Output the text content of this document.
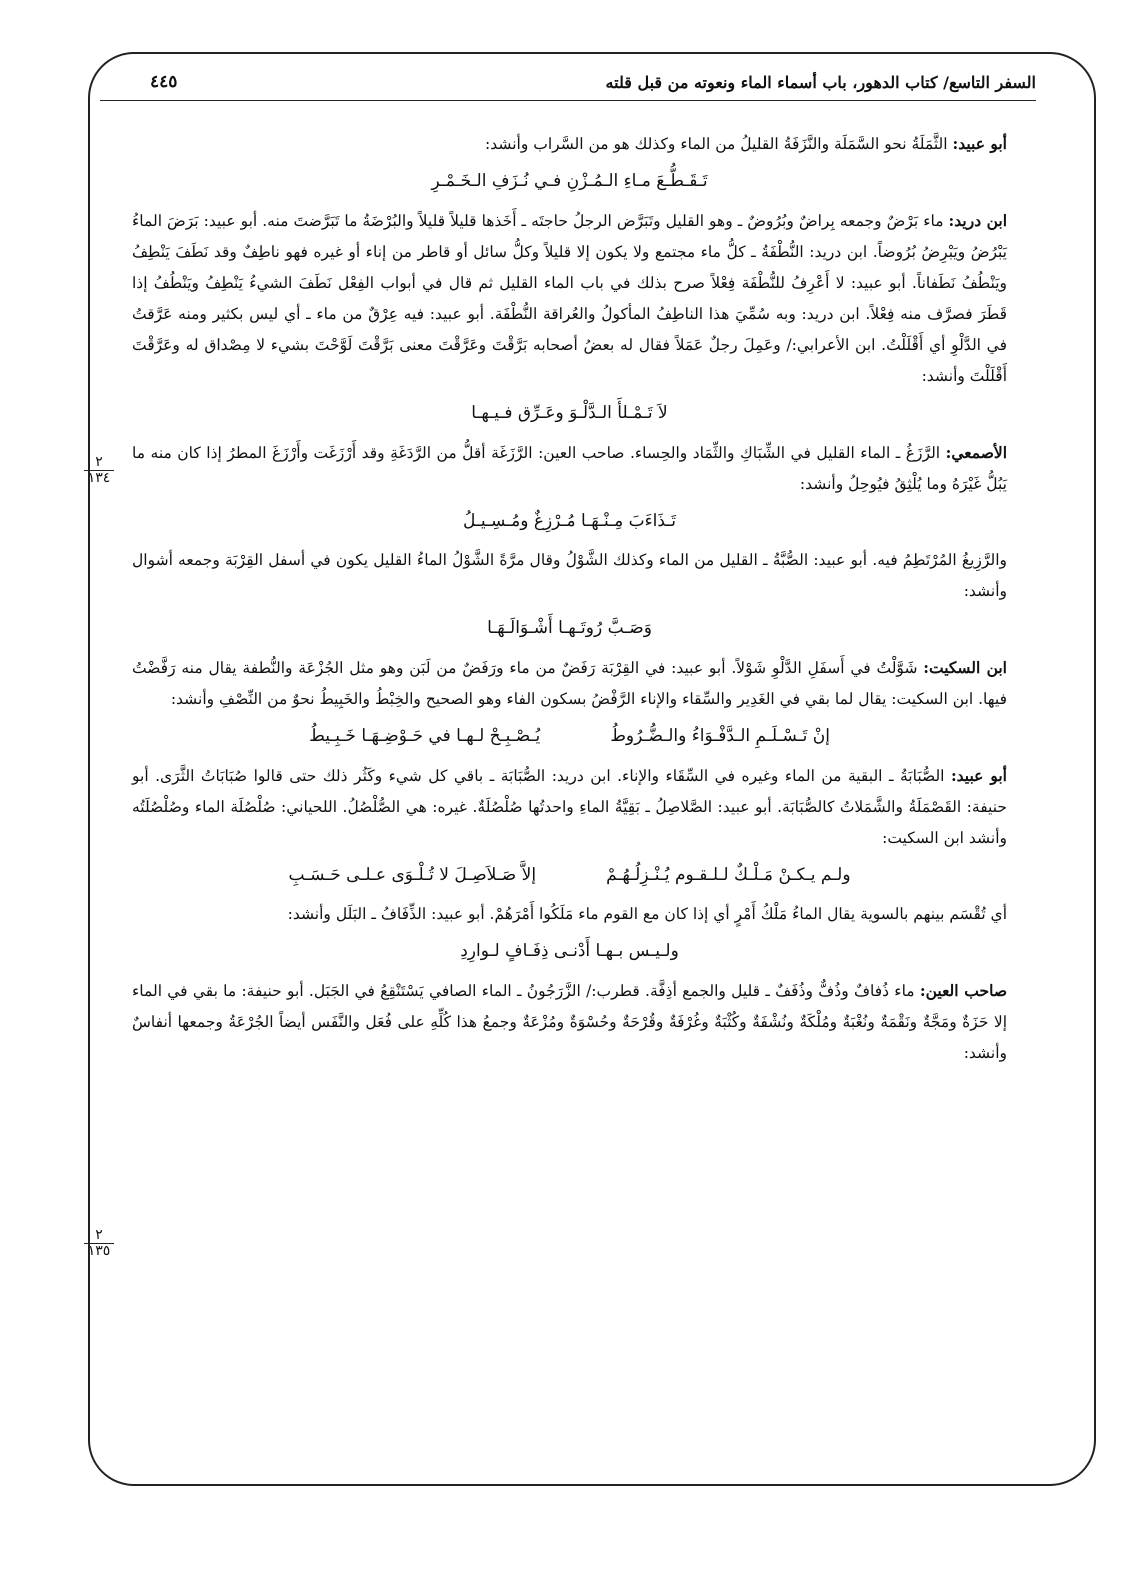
السفر التاسع/ كتاب الدهور، باب أسماء الماء ونعوته من قبل قلته
٤٤٥
٢
١٣٤
٢
١٣٥

أبو عبيد: الثَّمَلَةُ نحو السَّمَلَة والنَّزَفَةُ القليلُ من الماء وكذلك هو من السَّراب وأنشد:

تَـقَـطُّـعَ مـاءِ الـمُـزْنِ فـي نُـزَفِ الـخَـمْـرِ

ابن دريد: ماء بَرْضٌ وجمعه بِراضٌ وبُرُوضٌ ـ وهو القليل وتَبَرَّض الرجلُ حاجتَه ـ أَخَذها قليلاً قليلاً والبُرْضَةُ ما تَبَرَّضتَ منه. أبو عبيد: بَرَضَ الماءُ يَبْرُضُ ويَبْرِضُ بُرُوضاً. ابن دريد: النُّطْفَةُ ـ كلُّ ماء مجتمع ولا يكون إلا قليلاً وكلُّ سائل أو قاطر من إناء أو غيره فهو ناطِفٌ وقد نَطَفَ يَنْطِفُ ويَنْطُفُ نَطَفاناً. أبو عبيد: لا أَعْرِفُ للنُّطْفَة فِعْلاً صرح بذلك في باب الماء القليل ثم قال في أبواب الفِعْل نَطَفَ الشيءُ يَنْطِفُ ويَنْطُفُ إذا قَطَرَ فصرَّف منه فِعْلاً. ابن دريد: وبه سُمِّيَ هذا الناطِفُ المأكولُ والعُراقة النُّطْفَة. أبو عبيد: فيه عِرْقٌ من ماء ـ أي ليس بكثير ومنه عَرَّقتُ في الدَّلْوِ أي أَقْلَلْتُ. ابن الأعرابي:/ وعَمِلَ رجلٌ عَمَلاً فقال له بعضُ أصحابه بَرَّقْتَ وعَرَّقْتَ معنى بَرَّقْتَ لَوَّحْتَ بشيء لا مِصْداق له وعَرَّقْتَ أَقْلَلْتَ وأنشد:

لاَ تَـمْـلأَ الـدَّلْـوَ وعَـرِّق فـيـهـا

الأصمعي: الرَّزَغُ ـ الماء القليل في الشِّبَاكِ والثِّمَاد والحِساء. صاحب العين: الرَّزَغَة أقلُّ من الرَّدَغَةِ وقد أَرْزَغَت وأَرْزَغَ المطرُ إذا كان منه ما يَبُلُّ غَيْرَهُ وما يُلْثِقُ فيُوحِلُ وأنشد:

تَـذَاءَبَ مِـنْـهَـا مُـرْزِغٌ ومُـسِـيـلُ

والرَّزِيغُ المُرْتَطِمُ فيه. أبو عبيد: الصُّبَّةُ ـ القليل من الماء وكذلك الشَّوْلُ وقال مرَّةً الشَّوْلُ الماءُ القليل يكون في أسفل القِرْبَة وجمعه أشوال وأنشد:

وَصَـبَّ رُوتَـهـا أَشْـوَالَـهَـا

ابن السكيت: شَوَّلْتُ في أَسفَلِ الدَّلْوِ شَوْلاً. أبو عبيد: في القِرْبَة رَفَضٌ من ماء ورَفَضٌ من لَبَن وهو مثل الجُزْعَة والنُّطفة يقال منه رَفَّضْتُ فيها. ابن السكيت: يقال لما بقي في الغَدِير والسِّقاء والإناء الرَّفْضُ بسكون الفاء وهو الصحيح والخِبْطُ والخَبِيطُ نحوٌ من النِّصْفِ وأنشد:

إنْ تَـسْـلَـمِ الـدَّفْـوَاءُ والـضُّـرُوطُ
يُـصْـبِـحْ لـهـا في حَـوْضِـهَـا خَـبِـيطُ

أبو عبيد: الصُّبَابَةُ ـ البقية من الماء وغيره في السِّقَاء والإناء. ابن دريد: الصُّبَابَة ـ باقي كل شيء وكَثُر ذلك حتى قالوا صُبَابَاتُ الثَّرَى. أبو حنيفة: القَصْمَلَةُ والشَّمَلاتُ كالصُّبَابَة. أبو عبيد: الصَّلاصِلُ ـ بَقِيَّةُ الماءِ واحدتُها صُلْصُلَةٌ. غيره: هي الصُّلْصُلُ. اللحياني: صُلْصُلَة الماء وصُلْصُلَتُه وأنشد ابن السكيت:

ولـم يـكـنْ مَـلْـكٌ لـلـقـوم يُـنْـزِلُـهُـمْ
إلاَّ صَـلاَصِـلَ لا تُـلْـوَى عـلـى حَـسَـبِ

أي تُقْسَم بينهم بالسوية يقال الماءُ مَلْكُ أَمْرٍ أي إذا كان مع القوم ماء مَلَكُوا أَمْرَهُمْ. أبو عبيد: الذِّفَافُ ـ البَلَل وأنشد:

ولـيـس بـهـا أَدْنـى ذِفَـافٍ لـوارِدِ

صاحب العين: ماء ذُفافٌ وذُفٌّ وذُفَفٌ ـ قليل والجمع أذِفَّة. قطرب:/ الزَّرَجُونُ ـ الماء الصافي يَسْتَنْقِعُ في الجَبَل. أبو حنيفة: ما بقي في الماء إلا حَزَةٌ ومَجَّةٌ ونَقْمَةٌ ونُغْبَةٌ ومُلْكَةٌ ونُشْفَةٌ وكُثْبَةٌ وغُرْفَةٌ وقُرْحَةٌ وحُسْوَةٌ ومُزْعَةٌ وجمعُ هذا كُلِّهِ على فُعَل والنَّفَس أيضاً الجُرْعَةُ وجمعها أنفاسٌ وأنشد:
